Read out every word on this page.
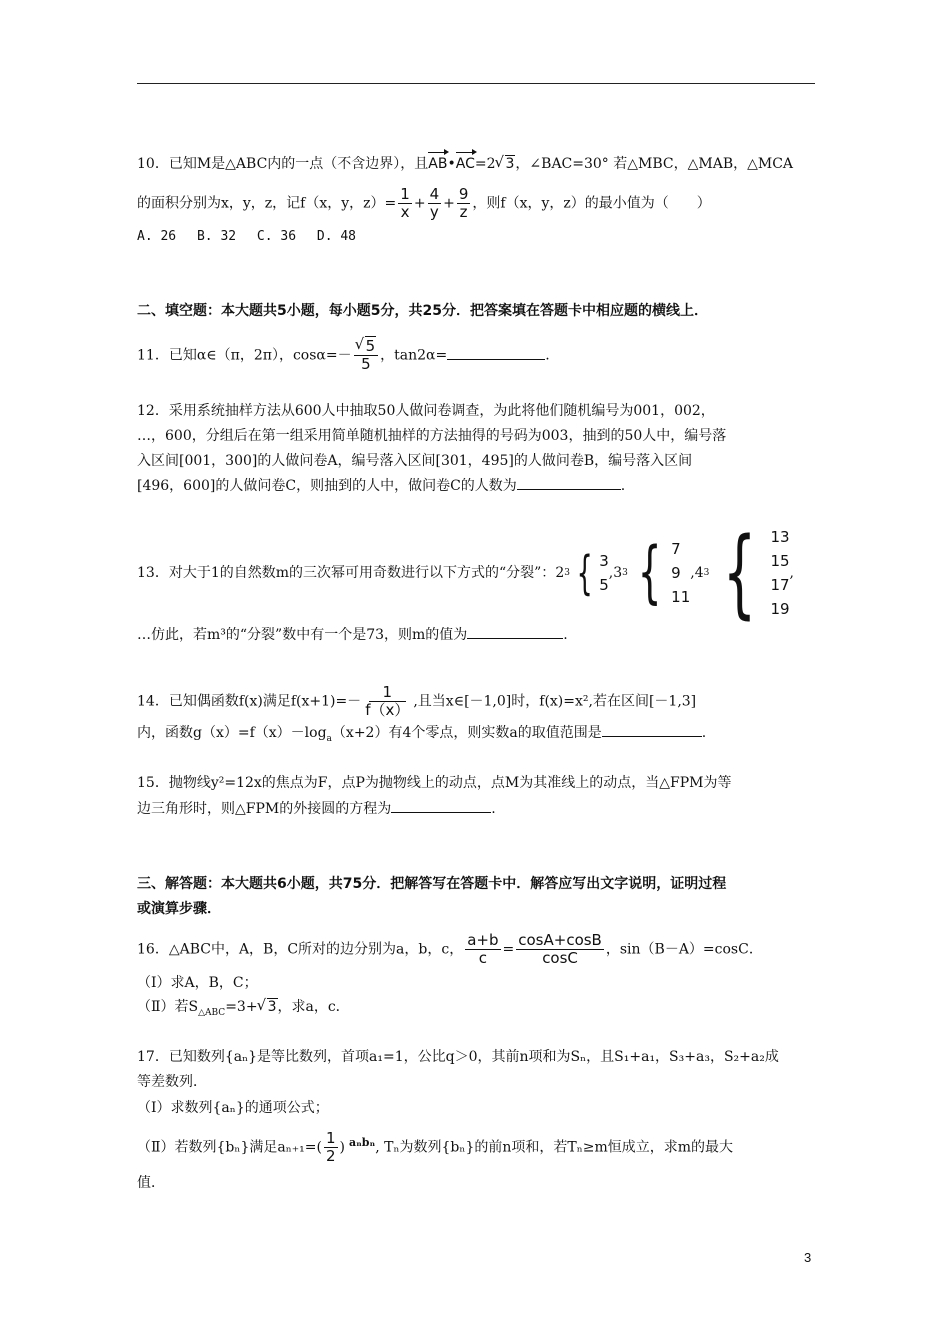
10．已知M是△ABC内的一点（不含边界），且AB•AC=2√ 3，∠BAC=30° 若△MBC，△MAB，△MCA
的面积分别为x，y，z，记f（x，y，$z)= \frac{1}{x} + \frac{4}{y} + \frac{9}{z}$ ，则f（x，y，z）的最小值为（　　）
A. 26　 B. 32　 C. 36　 D. 48
二、填空题：本大题共5小题，每小题5分，共25分．把答案填在答题卡中相应题的横线上．
11．已知α∈（π，2π），cosα=－
√ $\frac{5}{5}$ ，tan2α=	.
12．采用系统抽样方法从600人中抽取50人做问卷调查，为此将他们随机编号为001，002，
…，600，分组后在第一组采用简单随机抽样的方法抽得的号码为003，抽到的50人中，编号落
入区间[001，300]的人做问卷A，编号落入区间[301，495]的人做问卷B，编号落入区间
[496，600]的人做问卷C，则抽到的人中，做问卷C的人数为	.
13．对大于1的自然数m的三次幂可用奇数进行以下方式的“分裂”： 2 3 { 3
5
, 3 3 { 7
9
11
, 4 3 { 13
15
17
19
,
…仿此，若m³的“分裂”数中有一个是73，则m的值为	.
14．已知偶函数f(x)满足$f(x+1)=- \frac{1}{f(x)}$ ,且当x∈[－1,0]时，f(x)=x²,若在区间[－1,3]
内，函数$g(x)=f(x)-\log_a(x+2)$有4个零点，则实数a的取值范围是	.
15．抛物线y²=12x的焦点为F，点P为抛物线上的动点，点M为其准线上的动点，当△FPM为等
边三角形时，则△FPM的外接圆的方程为	.
三、解答题：本大题共6小题，共75分．把解答写在答题卡中．解答应写出文字说明，证明过程
或演算步骤．
16．△ABC中，A，B，C所对的边分别为a，b，c， $\frac{a+b}{c} = \frac{\cos A+\cos B}{\cos C}$ ，sin（B－A）=cosC．
（Ⅰ）求A，B，C；
（Ⅱ）若$S_{\triangle ABC}=3+√$ 3，求a，c．
17．已知数列{aₙ}是等比数列，首项a₁=1，公比q＞0，其前n项和为Sₙ，且S₁+a₁，S₃+a₃，S₂+a₂成
等差数列．
（Ⅰ）求数列{aₙ}的通项公式；
（Ⅱ）若数列{bₙ}满足$a_{n+1}=( \frac{1}{2}$ ) $^{a_nb_n}$, Tₙ为数列{bₙ}的前n项和，若Tₙ≥m恒成立，求m的最大
值．
3
